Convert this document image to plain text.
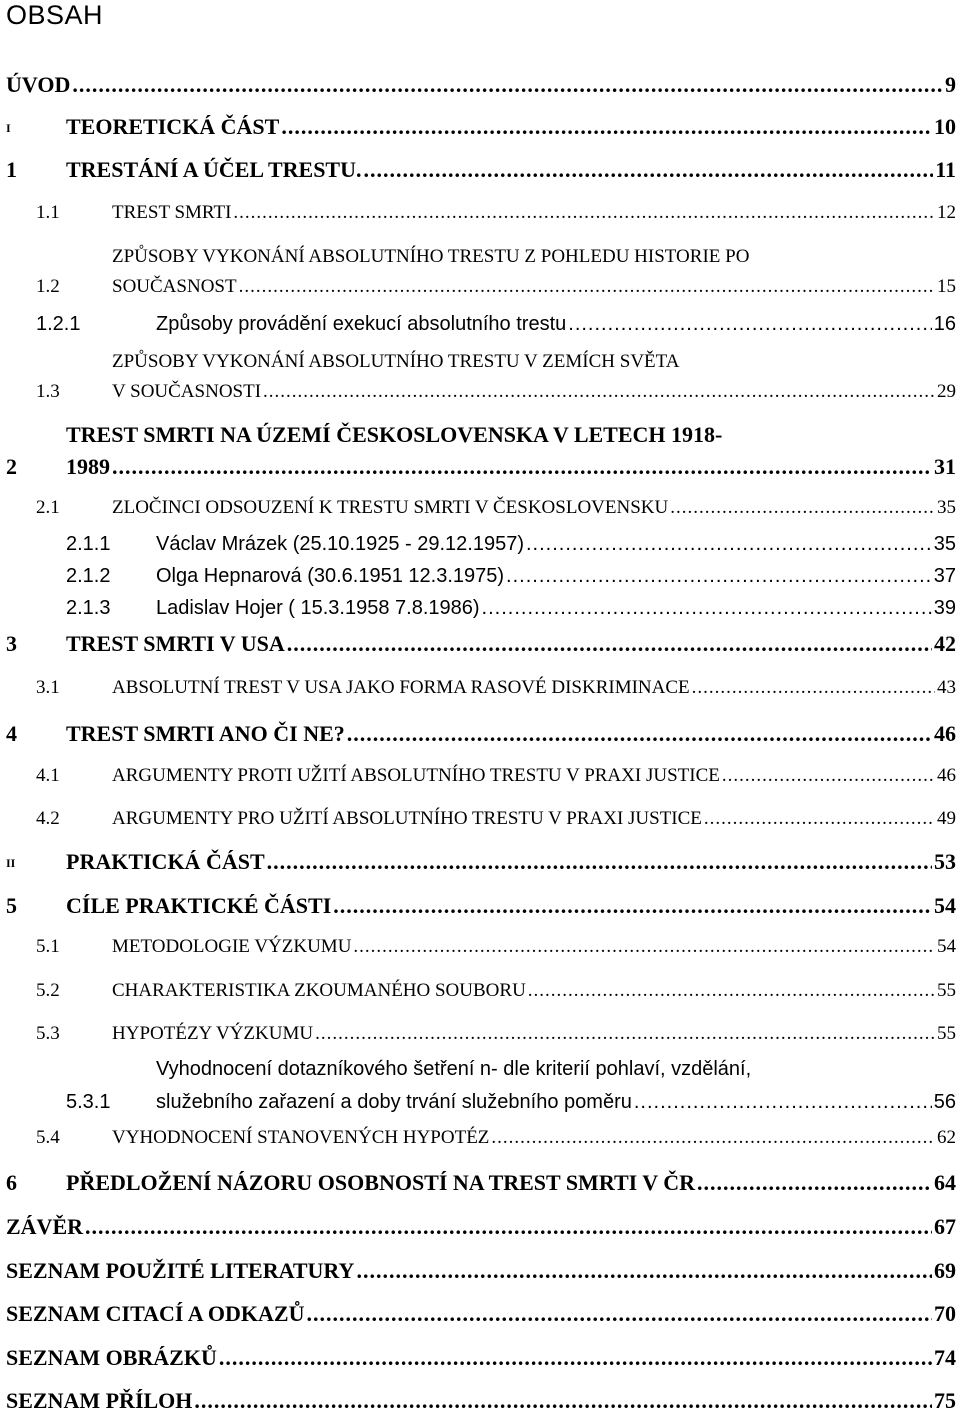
OBSAH
ÚVOD .....	9
I	TEORETICKÁ ČÁST .....	10
1 TRESTÁNÍ A ÚČEL TRESTU. .....	11
1.1	TREST SMRTI .....	12
1.2
ZPŮSOBY VYKONÁNÍ ABSOLUTNÍHO TRESTU Z POHLEDU HISTORIE PO
SOUČASNOST .....	15
1.2.1	Způsoby provádění exekucí absolutního trestu .....	16
1.3
ZPŮSOBY VYKONÁNÍ ABSOLUTNÍHO TRESTU V ZEMÍCH SVĚTA
V SOUČASNOSTI .....	29
2
TREST SMRTI NA ÚZEMÍ ČESKOSLOVENSKA V LETECH 1918-
1989 .....	31
2.1	ZLOČINCI ODSOUZENÍ K TRESTU SMRTI V ČESKOSLOVENSKU .....	35
2.1.1 Václav Mrázek (25.10.1925 - 29.12.1957) .....	35
2.1.2 Olga Hepnarová (30.6.1951 12.3.1975) .....	37
2.1.3 Ladislav Hojer ( 15.3.1958 7.8.1986) .....	39
3 TREST SMRTI V USA .....	42
3.1	ABSOLUTNÍ TREST V USA JAKO FORMA RASOVÉ DISKRIMINACE .....	43
4 TREST SMRTI ANO ČI NE? .....	46
4.1	ARGUMENTY PROTI UŽITÍ ABSOLUTNÍHO TRESTU V PRAXI JUSTICE .....	46
4.2	ARGUMENTY PRO UŽITÍ ABSOLUTNÍHO TRESTU V PRAXI JUSTICE .....	49
II PRAKTICKÁ ČÁST .....	53
5 CÍLE PRAKTICKÉ ČÁSTI .....	54
5.1	METODOLOGIE VÝZKUMU .....	54
5.2	CHARAKTERISTIKA ZKOUMANÉHO SOUBORU .....	55
5.3	HYPOTÉZY VÝZKUMU .....	55
5.3.1
Vyhodnocení dotazníkového šetření n- dle kriterií pohlaví, vzdělání,
služebního zařazení a doby trvání služebního poměru .....	56
5.4	VYHODNOCENÍ STANOVENÝCH HYPOTÉZ .....	62
6 PŘEDLOŽENÍ NÁZORU OSOBNOSTÍ NA TREST SMRTI V ČR .....	64
ZÁVĚR .....	67
SEZNAM POUŽITÉ LITERATURY .....	69
SEZNAM CITACÍ A ODKAZŮ .....	70
SEZNAM OBRÁZKŮ .....	74
SEZNAM PŘÍLOH .....	75
